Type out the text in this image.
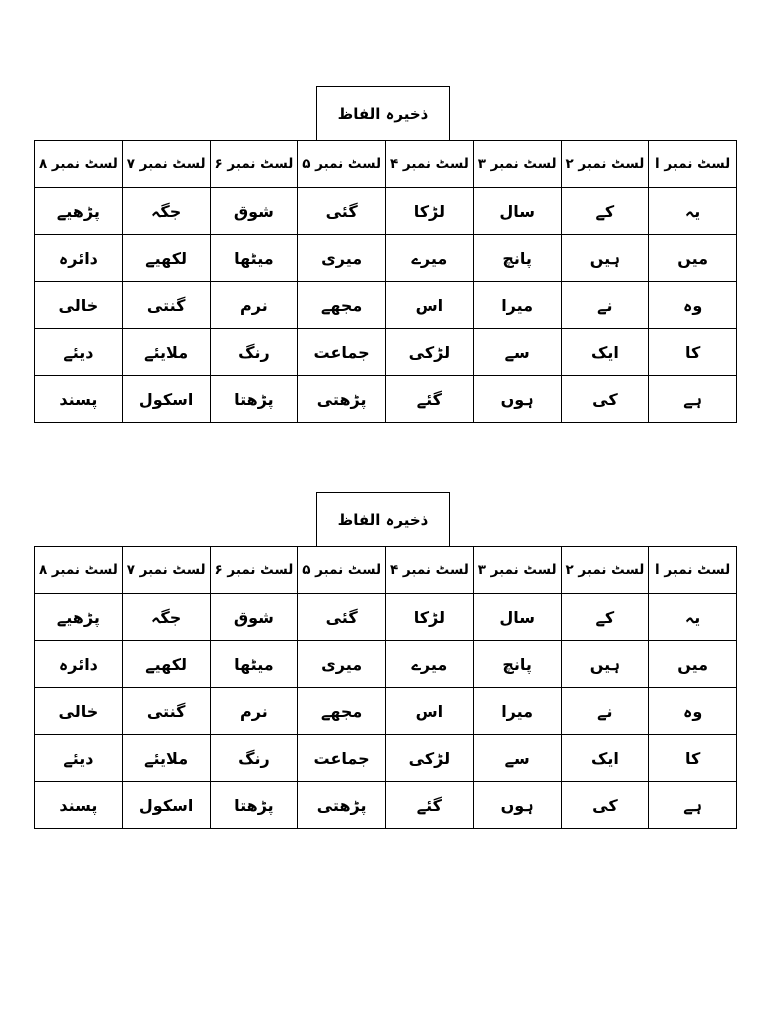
ذخیرہ الفاظ
لسٹ نمبر ا	لسٹ نمبر ۲	لسٹ نمبر ۳	لسٹ نمبر ۴	لسٹ نمبر ۵	لسٹ نمبر ۶	لسٹ نمبر ۷	لسٹ نمبر ۸
یہ	کے	سال	لڑکا	گئی	شوق	جگہ	پڑھیے
میں	ہیں	پانچ	میرے	میری	میٹھا	لکھیے	دائرہ
وہ	نے	میرا	اس	مجھے	نرم	گنتی	خالی
کا	ایک	سے	لڑکی	جماعت	رنگ	ملایئے	دیئے
ہے	کی	ہوں	گئے	پڑھتی	پڑھتا	اسکول	پسند
ذخیرہ الفاظ
لسٹ نمبر ا	لسٹ نمبر ۲	لسٹ نمبر ۳	لسٹ نمبر ۴	لسٹ نمبر ۵	لسٹ نمبر ۶	لسٹ نمبر ۷	لسٹ نمبر ۸
یہ	کے	سال	لڑکا	گئی	شوق	جگہ	پڑھیے
میں	ہیں	پانچ	میرے	میری	میٹھا	لکھیے	دائرہ
وہ	نے	میرا	اس	مجھے	نرم	گنتی	خالی
کا	ایک	سے	لڑکی	جماعت	رنگ	ملایئے	دیئے
ہے	کی	ہوں	گئے	پڑھتی	پڑھتا	اسکول	پسند
